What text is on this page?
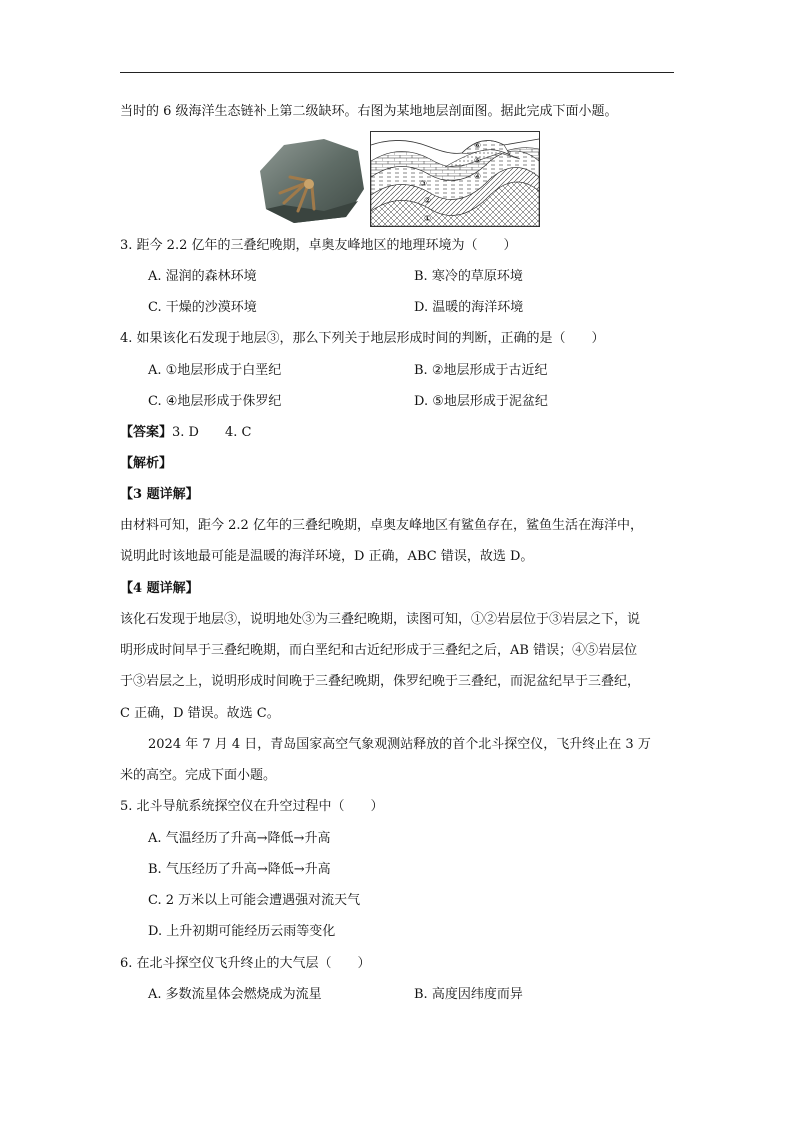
当时的 6 级海洋生态链补上第二级缺环。右图为某地地层剖面图。据此完成下面小题。
①
②
③
④
⑤
⑥
3. 距今 2.2 亿年的三叠纪晚期，卓奥友峰地区的地理环境为（　　）
A. 湿润的森林环境	B. 寒冷的草原环境
C. 干燥的沙漠环境	D. 温暖的海洋环境
4. 如果该化石发现于地层③，那么下列关于地层形成时间的判断，正确的是（　　）
A. ①地层形成于白垩纪	B. ②地层形成于古近纪
C. ④地层形成于侏罗纪	D. ⑤地层形成于泥盆纪
【答案】3. D　　4. C
【解析】
【3 题详解】
由材料可知，距今 2.2 亿年的三叠纪晚期，卓奥友峰地区有鲨鱼存在，鲨鱼生活在海洋中，
说明此时该地最可能是温暖的海洋环境，D 正确，ABC 错误，故选 D。
【4 题详解】
该化石发现于地层③，说明地处③为三叠纪晚期，读图可知，①②岩层位于③岩层之下，说
明形成时间早于三叠纪晚期，而白垩纪和古近纪形成于三叠纪之后，AB 错误；④⑤岩层位
于③岩层之上，说明形成时间晚于三叠纪晚期，侏罗纪晚于三叠纪，而泥盆纪早于三叠纪，
C 正确，D 错误。故选 C。
2024 年 7 月 4 日，青岛国家高空气象观测站释放的首个北斗探空仪，飞升终止在 3 万
米的高空。完成下面小题。
5. 北斗导航系统探空仪在升空过程中（　　）
A. 气温经历了升高→降低→升高
B. 气压经历了升高→降低→升高
C. 2 万米以上可能会遭遇强对流天气
D. 上升初期可能经历云雨等变化
6. 在北斗探空仪飞升终止的大气层（　　）
A. 多数流星体会燃烧成为流星	B. 高度因纬度而异
